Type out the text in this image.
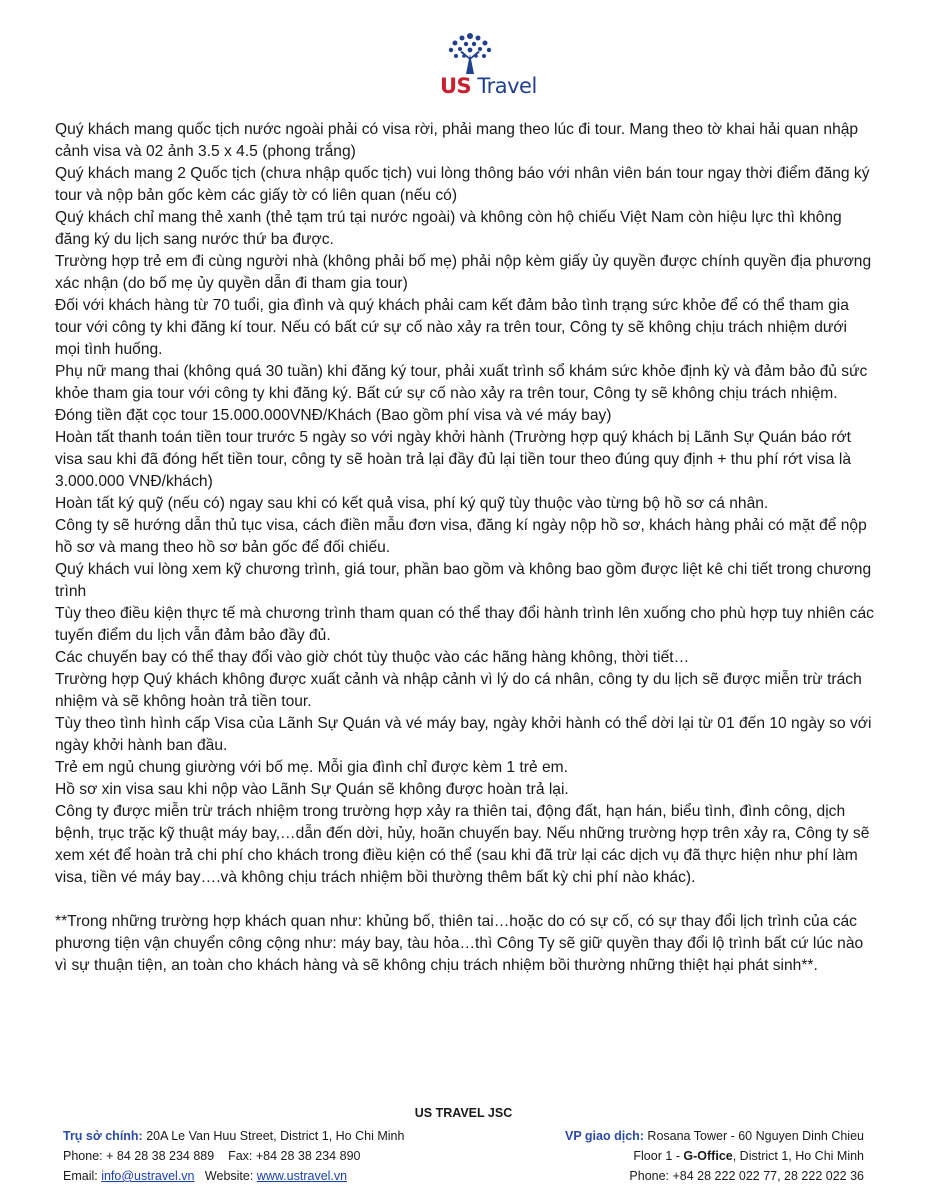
US Travel

Quý khách mang quốc tịch nước ngoài phải có visa rời, phải mang theo lúc đi tour. Mang theo tờ khai hải quan nhập cảnh visa và 02 ảnh 3.5 x 4.5 (phong trắng)

Quý khách mang 2 Quốc tịch (chưa nhập quốc tịch) vui lòng thông báo với nhân viên bán tour ngay thời điểm đăng ký tour và nộp bản gốc kèm các giấy tờ có liên quan (nếu có)

Quý khách chỉ mang thẻ xanh (thẻ tạm trú tại nước ngoài) và không còn hộ chiếu Việt Nam còn hiệu lực thì không đăng ký du lịch sang nước thứ ba được.

Trường hợp trẻ em đi cùng người nhà (không phải bố mẹ) phải nộp kèm giấy ủy quyền được chính quyền địa phương xác nhận (do bố mẹ ủy quyền dẫn đi tham gia tour)

Đối với khách hàng từ 70 tuổi, gia đình và quý khách phải cam kết đảm bảo tình trạng sức khỏe để có thể tham gia tour với công ty khi đăng kí tour. Nếu có bất cứ sự cố nào xảy ra trên tour, Công ty sẽ không chịu trách nhiệm dưới mọi tình huống.

Phụ nữ mang thai (không quá 30 tuần) khi đăng ký tour, phải xuất trình sổ khám sức khỏe định kỳ và đảm bảo đủ sức khỏe tham gia tour với công ty khi đăng ký. Bất cứ sự cố nào xảy ra trên tour, Công ty sẽ không chịu trách nhiệm.

Đóng tiền đặt cọc tour 15.000.000VNĐ/Khách (Bao gồm phí visa và vé máy bay)

Hoàn tất thanh toán tiền tour trước 5 ngày so với ngày khởi hành (Trường hợp quý khách bị Lãnh Sự Quán báo rớt visa sau khi đã đóng hết tiền tour, công ty sẽ hoàn trả lại đầy đủ lại tiền tour theo đúng quy định + thu phí rớt visa là 3.000.000 VNĐ/khách)

Hoàn tất ký quỹ (nếu có) ngay sau khi có kết quả visa, phí ký quỹ tùy thuộc vào từng bộ hồ sơ cá nhân.

Công ty sẽ hướng dẫn thủ tục visa, cách điền mẫu đơn visa, đăng kí ngày nộp hồ sơ, khách hàng phải có mặt để nộp hồ sơ và mang theo hồ sơ bản gốc để đối chiếu.

Quý khách vui lòng xem kỹ chương trình, giá tour, phần bao gồm và không bao gồm được liệt kê chi tiết trong chương trình

Tùy theo điều kiện thực tế mà chương trình tham quan có thể thay đổi hành trình lên xuống cho phù hợp tuy nhiên các tuyến điểm du lịch vẫn đảm bảo đầy đủ.

Các chuyến bay có thể thay đổi vào giờ chót tùy thuộc vào các hãng hàng không, thời tiết…

Trường hợp Quý khách không được xuất cảnh và nhập cảnh vì lý do cá nhân, công ty du lịch sẽ được miễn trừ trách nhiệm và sẽ không hoàn trả tiền tour.

Tùy theo tình hình cấp Visa của Lãnh Sự Quán và vé máy bay, ngày khởi hành có thể dời lại từ 01 đến 10 ngày so với ngày khởi hành ban đầu.

Trẻ em ngủ chung giường với bố mẹ. Mỗi gia đình chỉ được kèm 1 trẻ em.

Hồ sơ xin visa sau khi nộp vào Lãnh Sự Quán sẽ không được hoàn trả lại.

Công ty được miễn trừ trách nhiệm trong trường hợp xảy ra thiên tai, động đất, hạn hán, biểu tình, đình công, dịch bệnh, trục trặc kỹ thuật máy bay,…dẫn đến dời, hủy, hoãn chuyến bay. Nếu những trường hợp trên xảy ra, Công ty sẽ xem xét để hoàn trả chi phí cho khách trong điều kiện có thể (sau khi đã trừ lại các dịch vụ đã thực hiện như phí làm visa, tiền vé máy bay….và không chịu trách nhiệm bồi thường thêm bất kỳ chi phí nào khác).

**Trong những trường hợp khách quan như: khủng bố, thiên tai…hoặc do có sự cố, có sự thay đổi lịch trình của các phương tiện vận chuyển công cộng như: máy bay, tàu hỏa…thì Công Ty sẽ giữ quyền thay đổi lộ trình bất cứ lúc nào vì sự thuận tiện, an toàn cho khách hàng và sẽ không chịu trách nhiệm bồi thường những thiệt hại phát sinh**.

US TRAVEL JSC
Trụ sở chính: 20A Le Van Huu Street, District 1, Ho Chi Minh
Phone: + 84 28 38 234 889    Fax: +84 28 38 234 890
Email: info@ustravel.vn   Website: www.ustravel.vn
VP giao dịch: Rosana Tower - 60 Nguyen Dinh Chieu
Floor 1 - G-Office, District 1, Ho Chi Minh
Phone: +84 28 222 022 77, 28 222 022 36
